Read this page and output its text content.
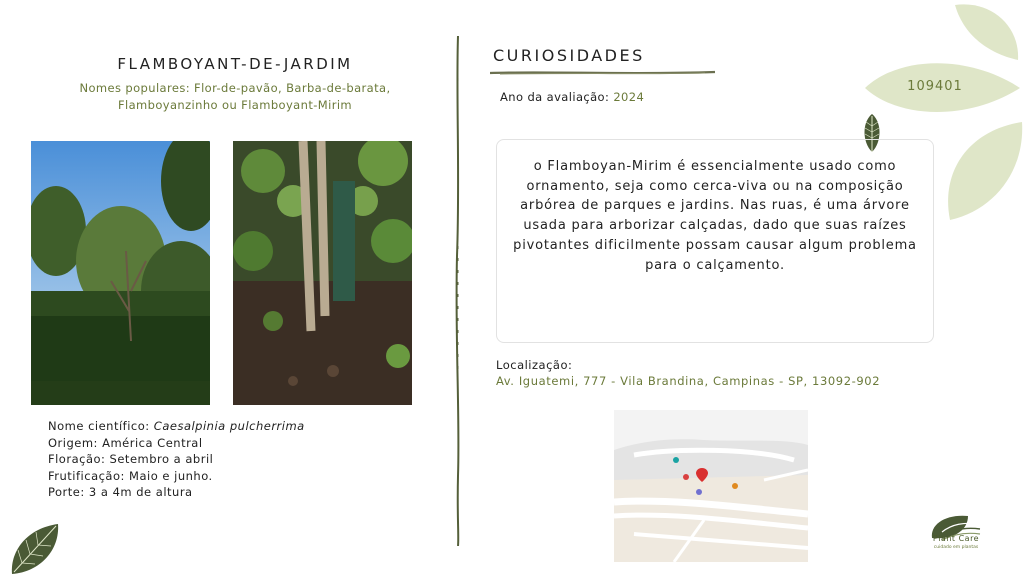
FLAMBOYANT-DE-JARDIM
Nomes populares: Flor-de-pavão, Barba-de-barata,
Flamboyanzinho ou Flamboyant-Mirim
Nome científico: Caesalpinia pulcherrima
Origem: América Central
Floração: Setembro a abril
Frutificação: Maio e junho.
Porte: 3 a 4m de altura
CURIOSIDADES
Ano da avaliação: 2024
109401

o Flamboyan-Mirim é essencialmente usado como ornamento, seja como cerca-viva ou na composição arbórea de parques e jardins. Nas ruas, é uma árvore usada para arborizar calçadas, dado que suas raízes pivotantes dificilmente possam causar algum problema para o calçamento.

Localização:
Av. Iguatemi, 777 - Vila Brandina, Campinas - SP, 13092-902
Plant Care
cuidado em plantas
